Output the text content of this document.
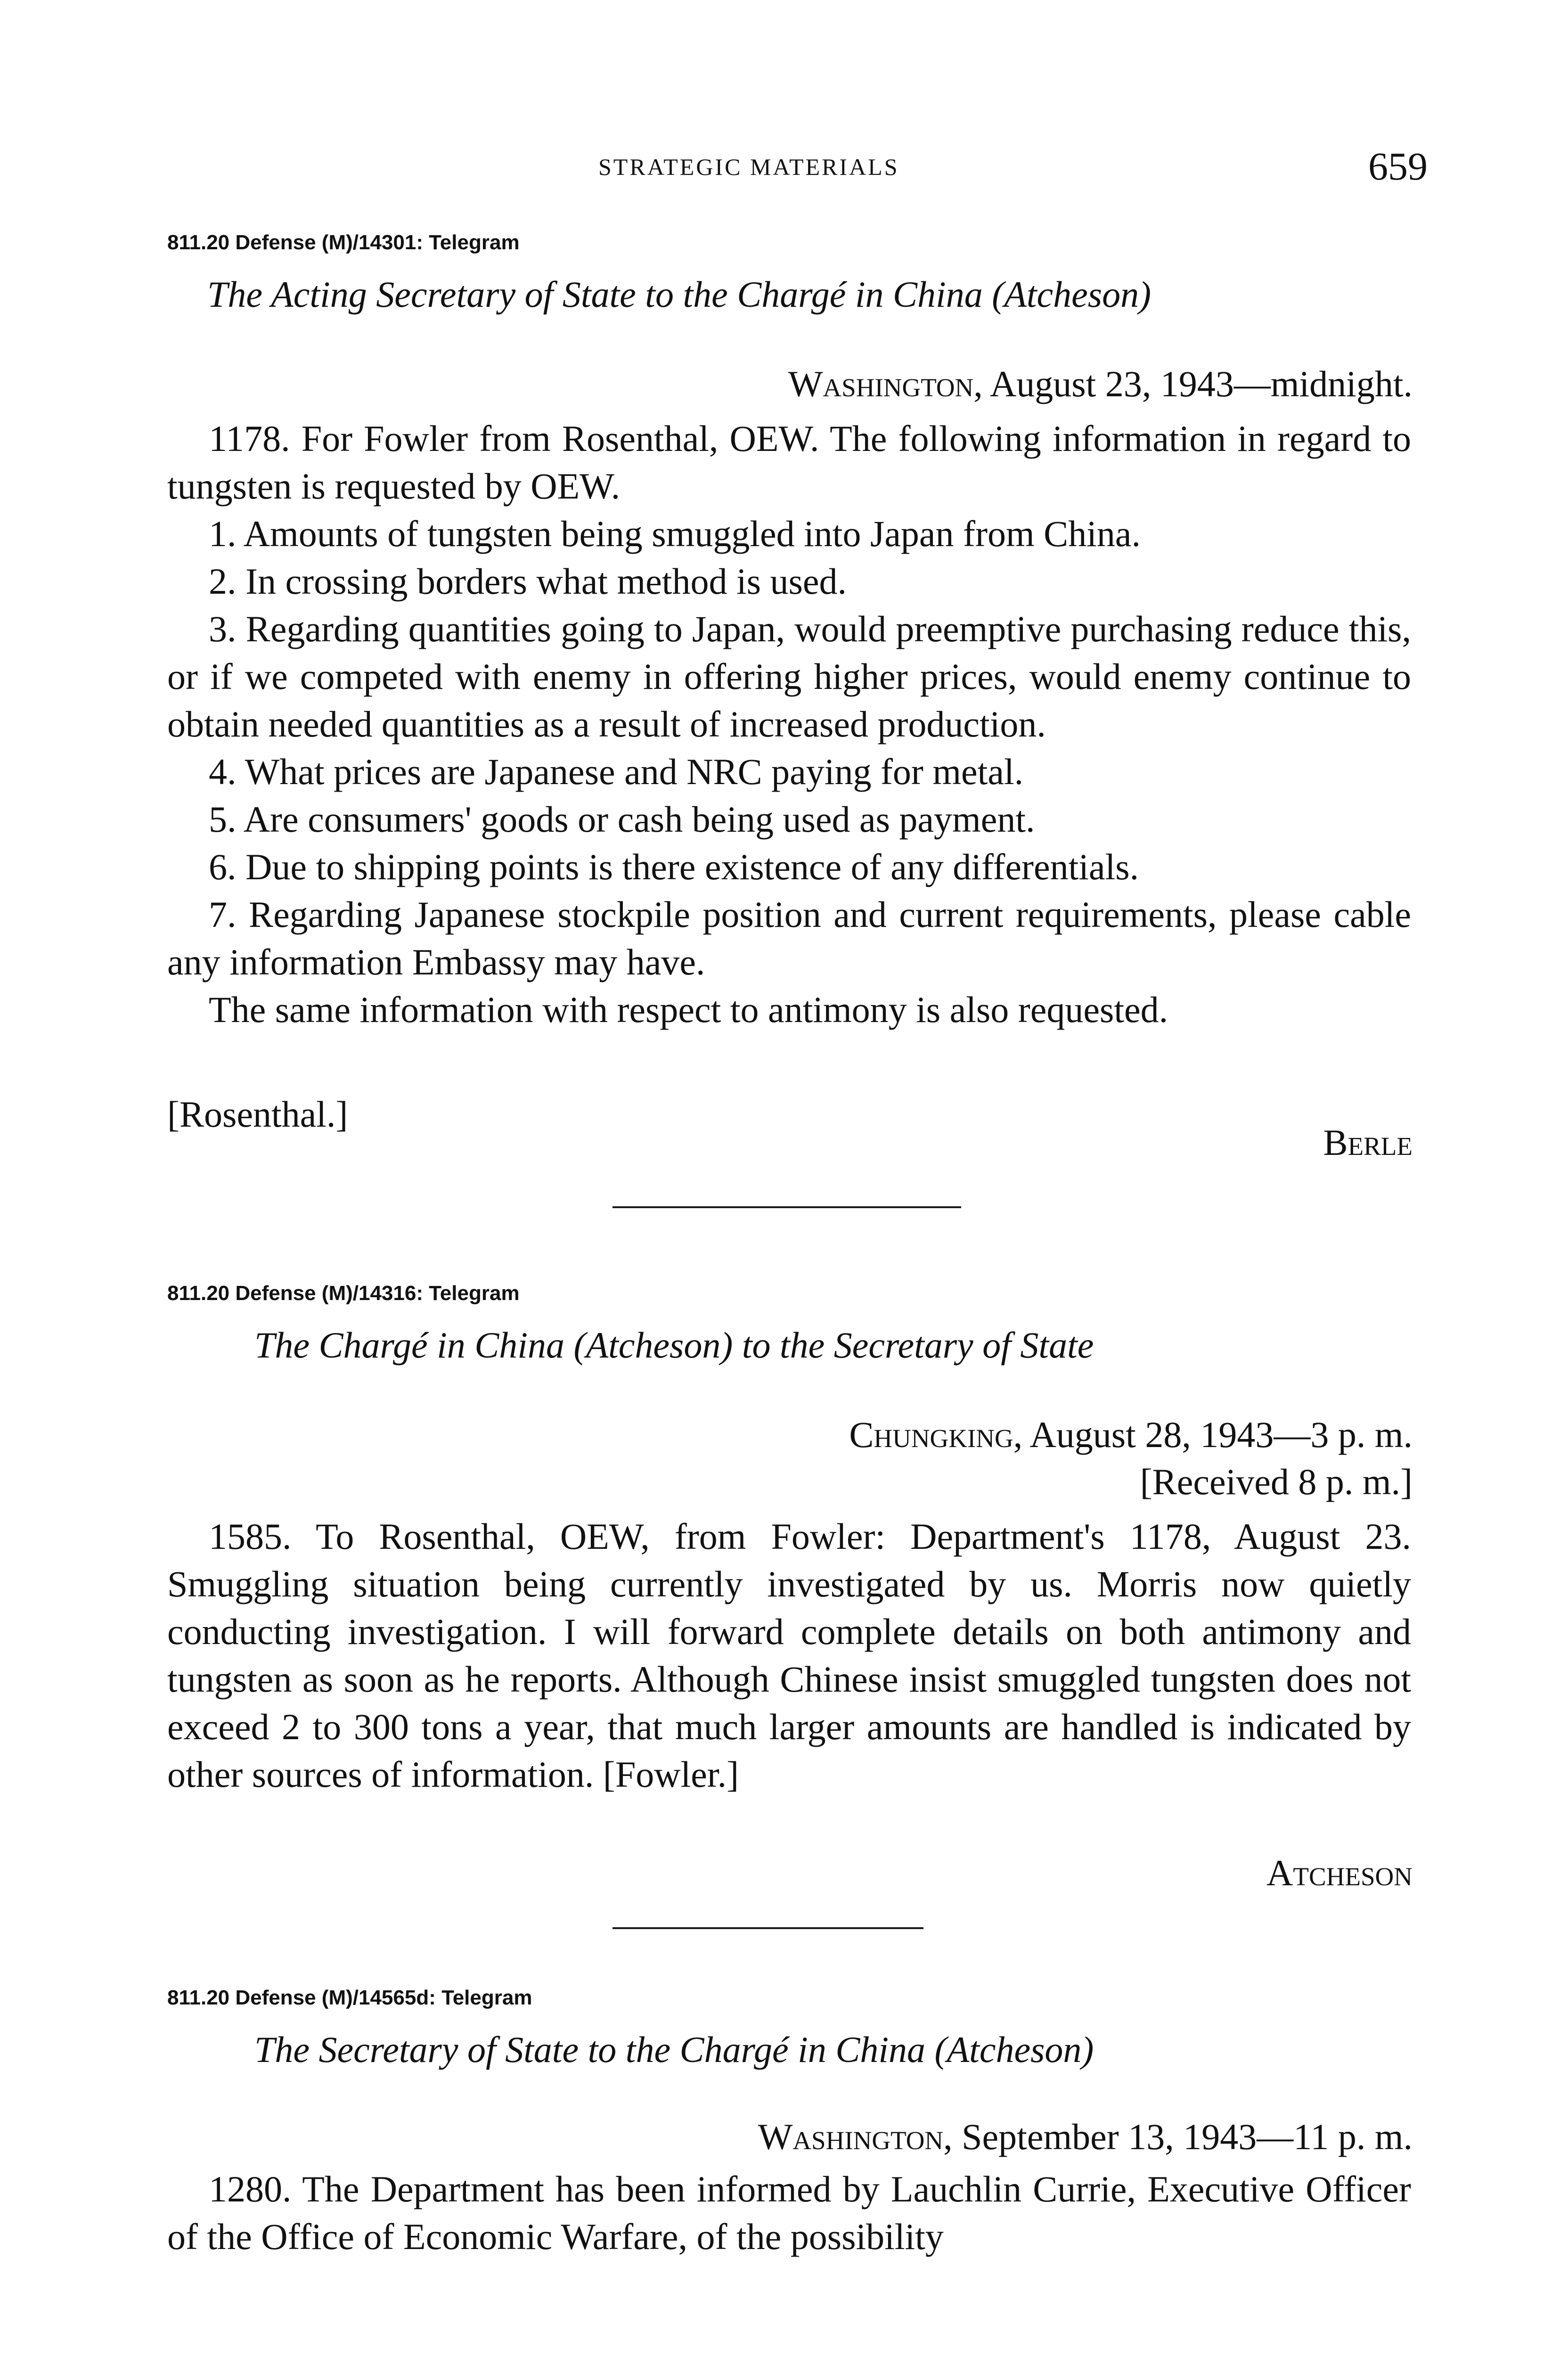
STRATEGIC MATERIALS	659
811.20 Defense (M)/14301: Telegram
The Acting Secretary of State to the Chargé in China (Atcheson)
Washington, August 23, 1943—midnight.

1178. For Fowler from Rosenthal, OEW. The following information in regard to tungsten is requested by OEW.

1. Amounts of tungsten being smuggled into Japan from China.

2. In crossing borders what method is used.

3. Regarding quantities going to Japan, would preemptive purchasing reduce this, or if we competed with enemy in offering higher prices, would enemy continue to obtain needed quantities as a result of increased production.

4. What prices are Japanese and NRC paying for metal.

5. Are consumers' goods or cash being used as payment.

6. Due to shipping points is there existence of any differentials.

7. Regarding Japanese stockpile position and current requirements, please cable any information Embassy may have.

The same information with respect to antimony is also requested.

[Rosenthal.]
Berle
811.20 Defense (M)/14316: Telegram
The Chargé in China (Atcheson) to the Secretary of State
Chungking, August 28, 1943—3 p. m.
[Received 8 p. m.]

1585. To Rosenthal, OEW, from Fowler: Department's 1178, August 23. Smuggling situation being currently investigated by us. Morris now quietly conducting investigation. I will forward complete details on both antimony and tungsten as soon as he reports. Although Chinese insist smuggled tungsten does not exceed 2 to 300 tons a year, that much larger amounts are handled is indicated by other sources of information. [Fowler.]

Atcheson
811.20 Defense (M)/14565d: Telegram
The Secretary of State to the Chargé in China (Atcheson)
Washington, September 13, 1943—11 p. m.

1280. The Department has been informed by Lauchlin Currie, Executive Officer of the Office of Economic Warfare, of the possibility
